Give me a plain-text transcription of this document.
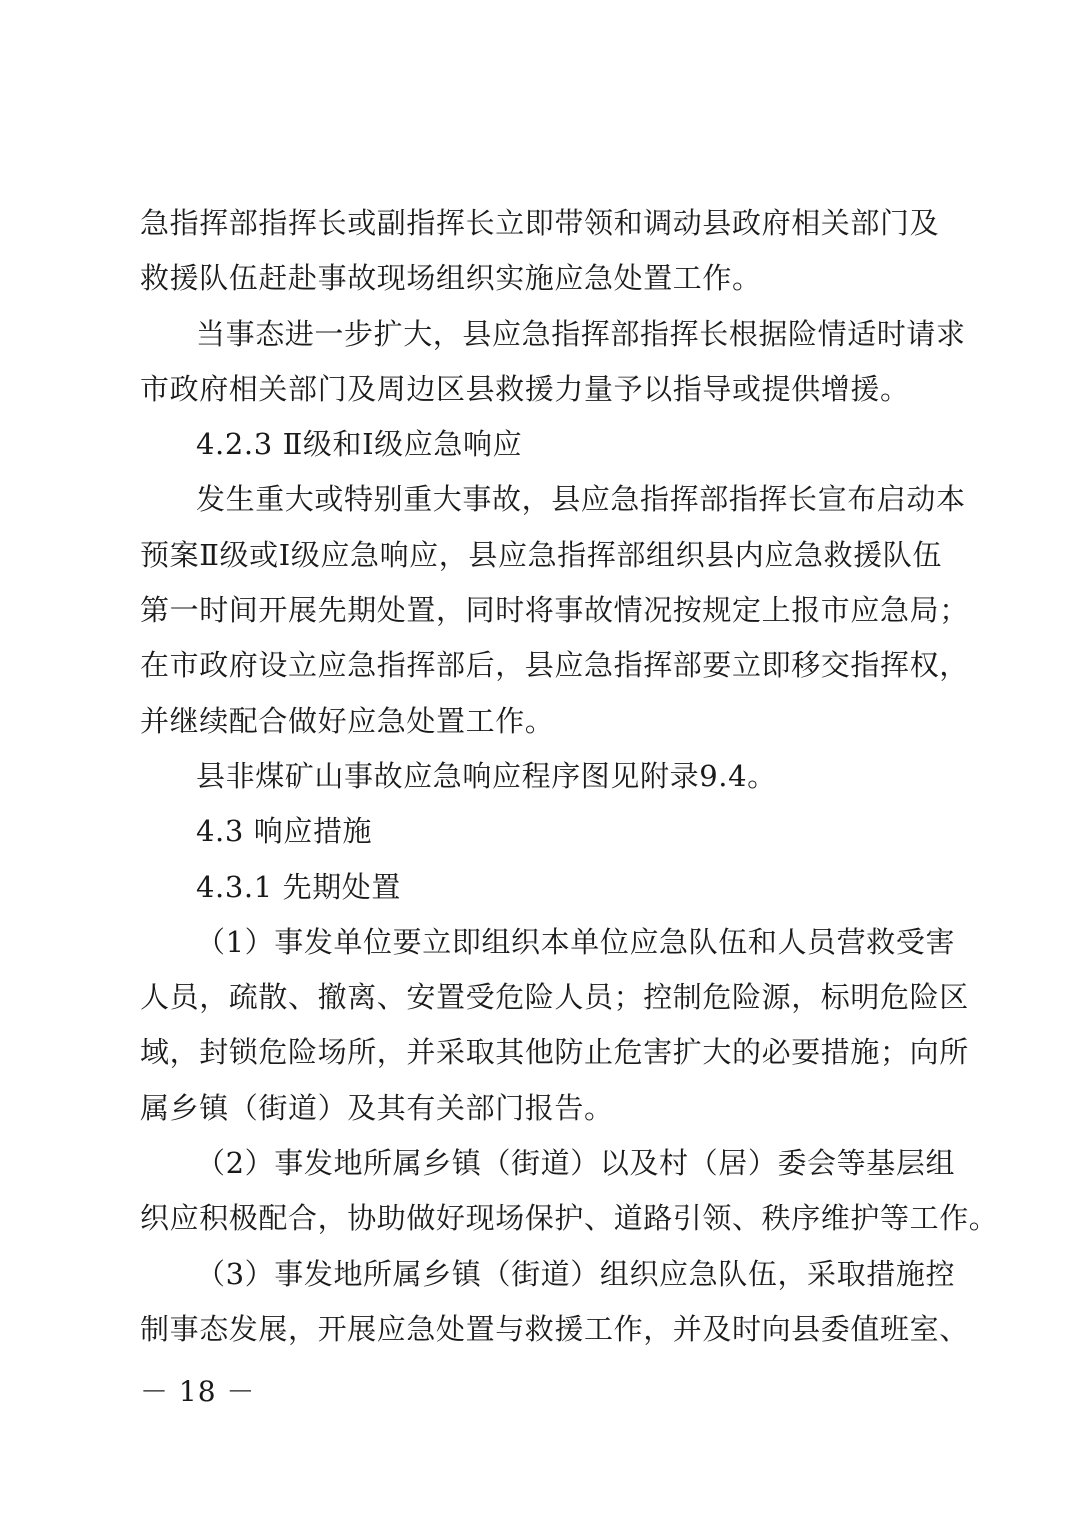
急指挥部指挥长或副指挥长立即带领和调动县政府相关部门及
救援队伍赶赴事故现场组织实施应急处置工作。
当事态进一步扩大，县应急指挥部指挥长根据险情适时请求
市政府相关部门及周边区县救援力量予以指导或提供增援。
4.2.3 Ⅱ级和Ⅰ级应急响应
发生重大或特别重大事故，县应急指挥部指挥长宣布启动本
预案Ⅱ级或Ⅰ级应急响应，县应急指挥部组织县内应急救援队伍
第一时间开展先期处置，同时将事故情况按规定上报市应急局；
在市政府设立应急指挥部后，县应急指挥部要立即移交指挥权，
并继续配合做好应急处置工作。
县非煤矿山事故应急响应程序图见附录9.4。
4.3 响应措施
4.3.1 先期处置
（1）事发单位要立即组织本单位应急队伍和人员营救受害
人员，疏散、撤离、安置受危险人员；控制危险源，标明危险区
域，封锁危险场所，并采取其他防止危害扩大的必要措施；向所
属乡镇（街道）及其有关部门报告。
（2）事发地所属乡镇（街道）以及村（居）委会等基层组
织应积极配合，协助做好现场保护、道路引领、秩序维护等工作。
（3）事发地所属乡镇（街道）组织应急队伍，采取措施控
制事态发展，开展应急处置与救援工作，并及时向县委值班室、
－ 18 －
